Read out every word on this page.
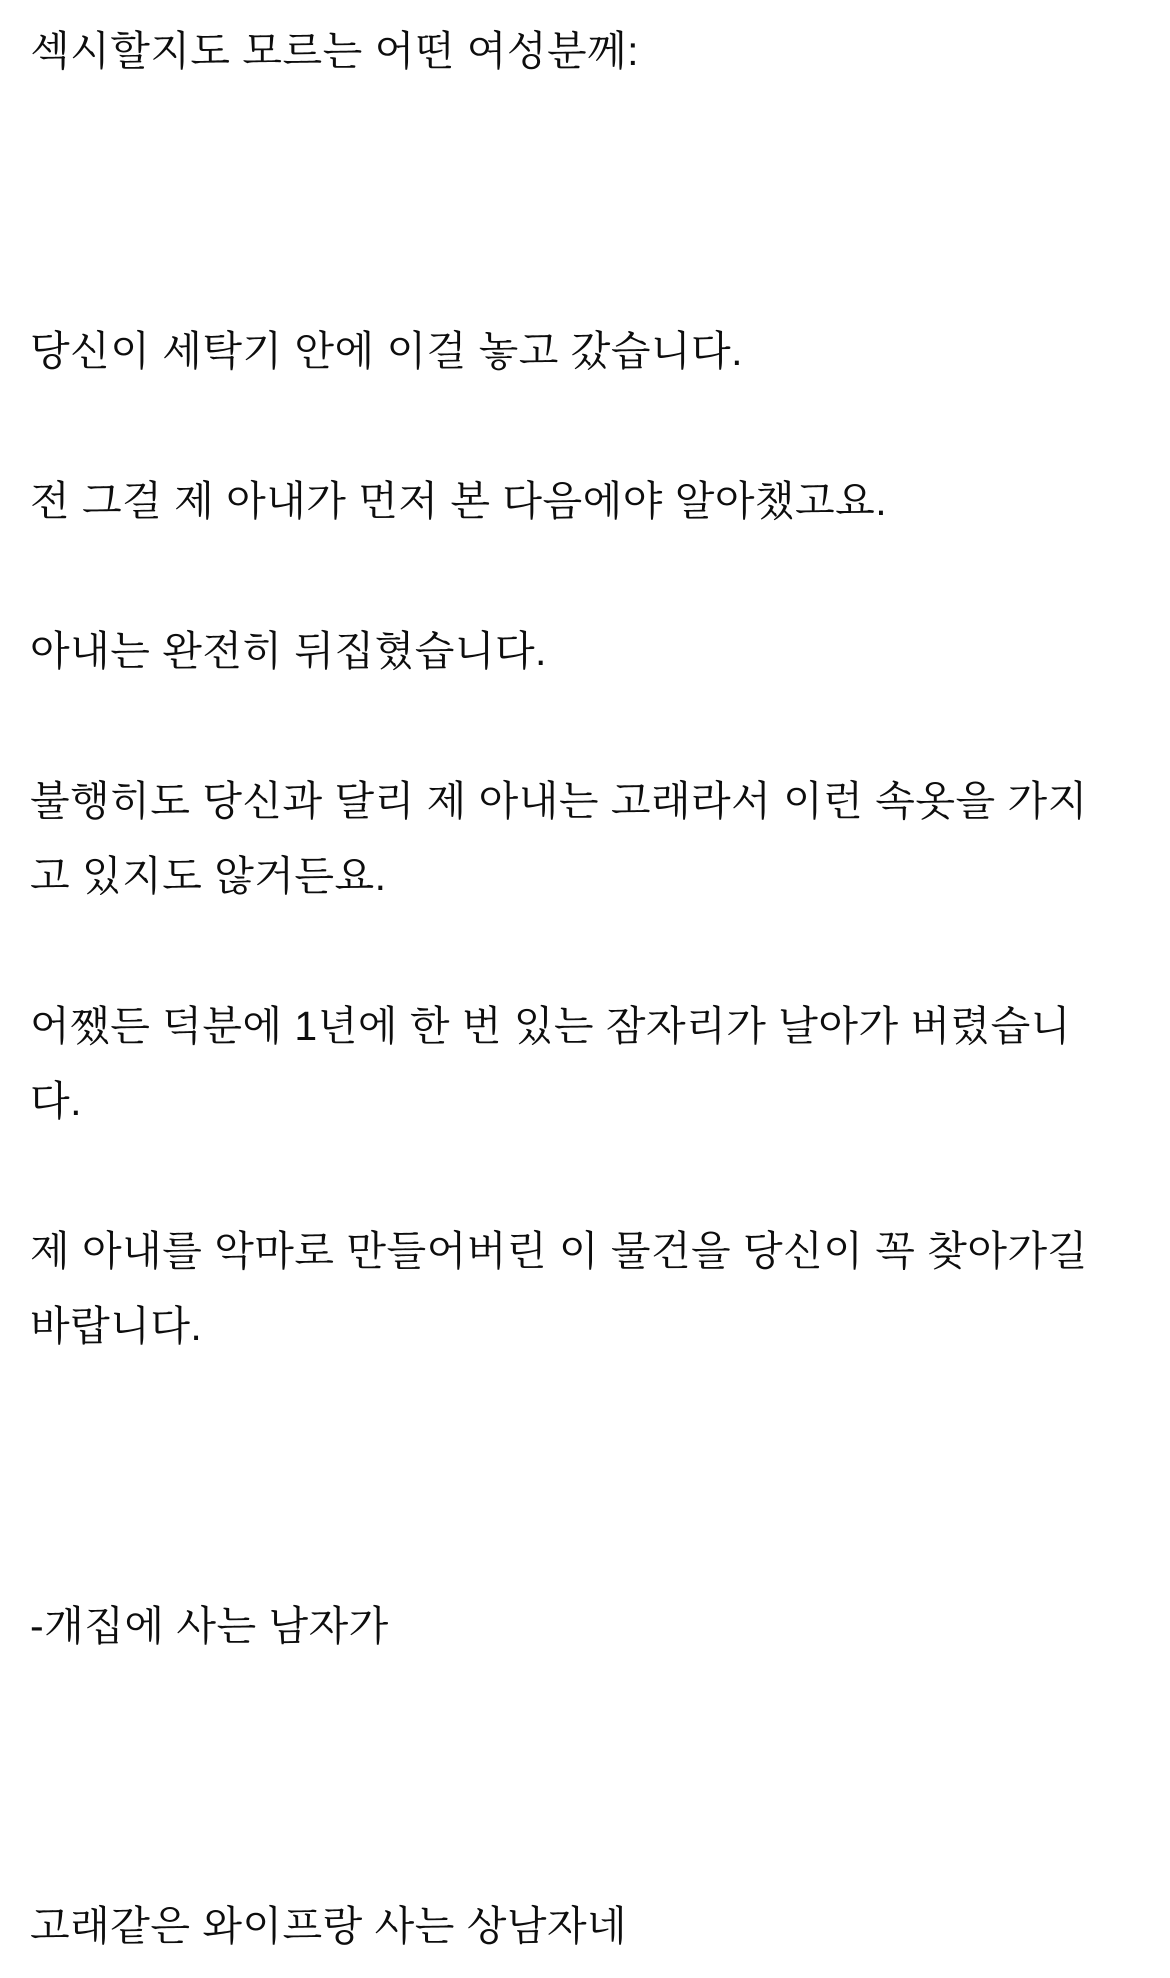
섹시할지도 모르는 어떤 여성분께:

당신이 세탁기 안에 이걸 놓고 갔습니다.

전 그걸 제 아내가 먼저 본 다음에야 알아챘고요.

아내는 완전히 뒤집혔습니다.

불행히도 당신과 달리 제 아내는 고래라서 이런 속옷을 가지

고 있지도 않거든요.

어쨌든 덕분에 1년에 한 번 있는 잠자리가 날아가 버렸습니

다.

제 아내를 악마로 만들어버린 이 물건을 당신이 꼭 찾아가길

바랍니다.

-개집에 사는 남자가

고래같은 와이프랑 사는 상남자네
